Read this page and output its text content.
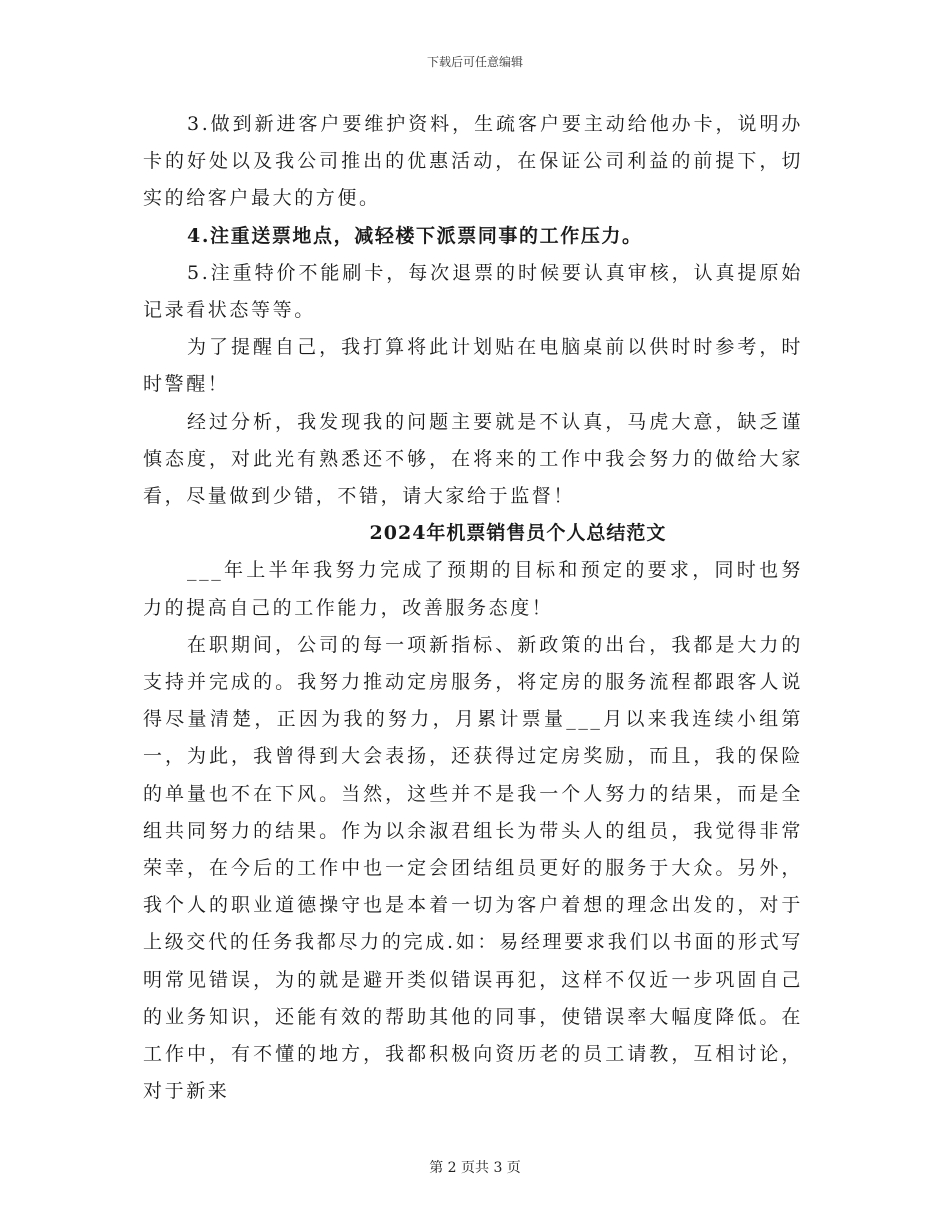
下载后可任意编辑

3.做到新进客户要维护资料，生疏客户要主动给他办卡，说明办卡的好处以及我公司推出的优惠活动，在保证公司利益的前提下，切实的给客户最大的方便。

4.注重送票地点，减轻楼下派票同事的工作压力。

5.注重特价不能刷卡，每次退票的时候要认真审核，认真提原始记录看状态等等。

为了提醒自己，我打算将此计划贴在电脑桌前以供时时参考，时时警醒！

经过分析，我发现我的问题主要就是不认真，马虎大意，缺乏谨慎态度，对此光有熟悉还不够，在将来的工作中我会努力的做给大家看，尽量做到少错，不错，请大家给于监督！

2024年机票销售员个人总结范文

___年上半年我努力完成了预期的目标和预定的要求，同时也努力的提高自己的工作能力，改善服务态度！

在职期间，公司的每一项新指标、新政策的出台，我都是大力的支持并完成的。我努力推动定房服务，将定房的服务流程都跟客人说得尽量清楚，正因为我的努力，月累计票量___月以来我连续小组第一，为此，我曾得到大会表扬，还获得过定房奖励，而且，我的保险的单量也不在下风。当然，这些并不是我一个人努力的结果，而是全组共同努力的结果。作为以余淑君组长为带头人的组员，我觉得非常荣幸，在今后的工作中也一定会团结组员更好的服务于大众。另外，我个人的职业道德操守也是本着一切为客户着想的理念出发的，对于上级交代的任务我都尽力的完成.如：易经理要求我们以书面的形式写明常见错误，为的就是避开类似错误再犯，这样不仅近一步巩固自己的业务知识，还能有效的帮助其他的同事，使错误率大幅度降低。在工作中，有不懂的地方，我都积极向资历老的员工请教，互相讨论，对于新来

第 2 页共 3 页
